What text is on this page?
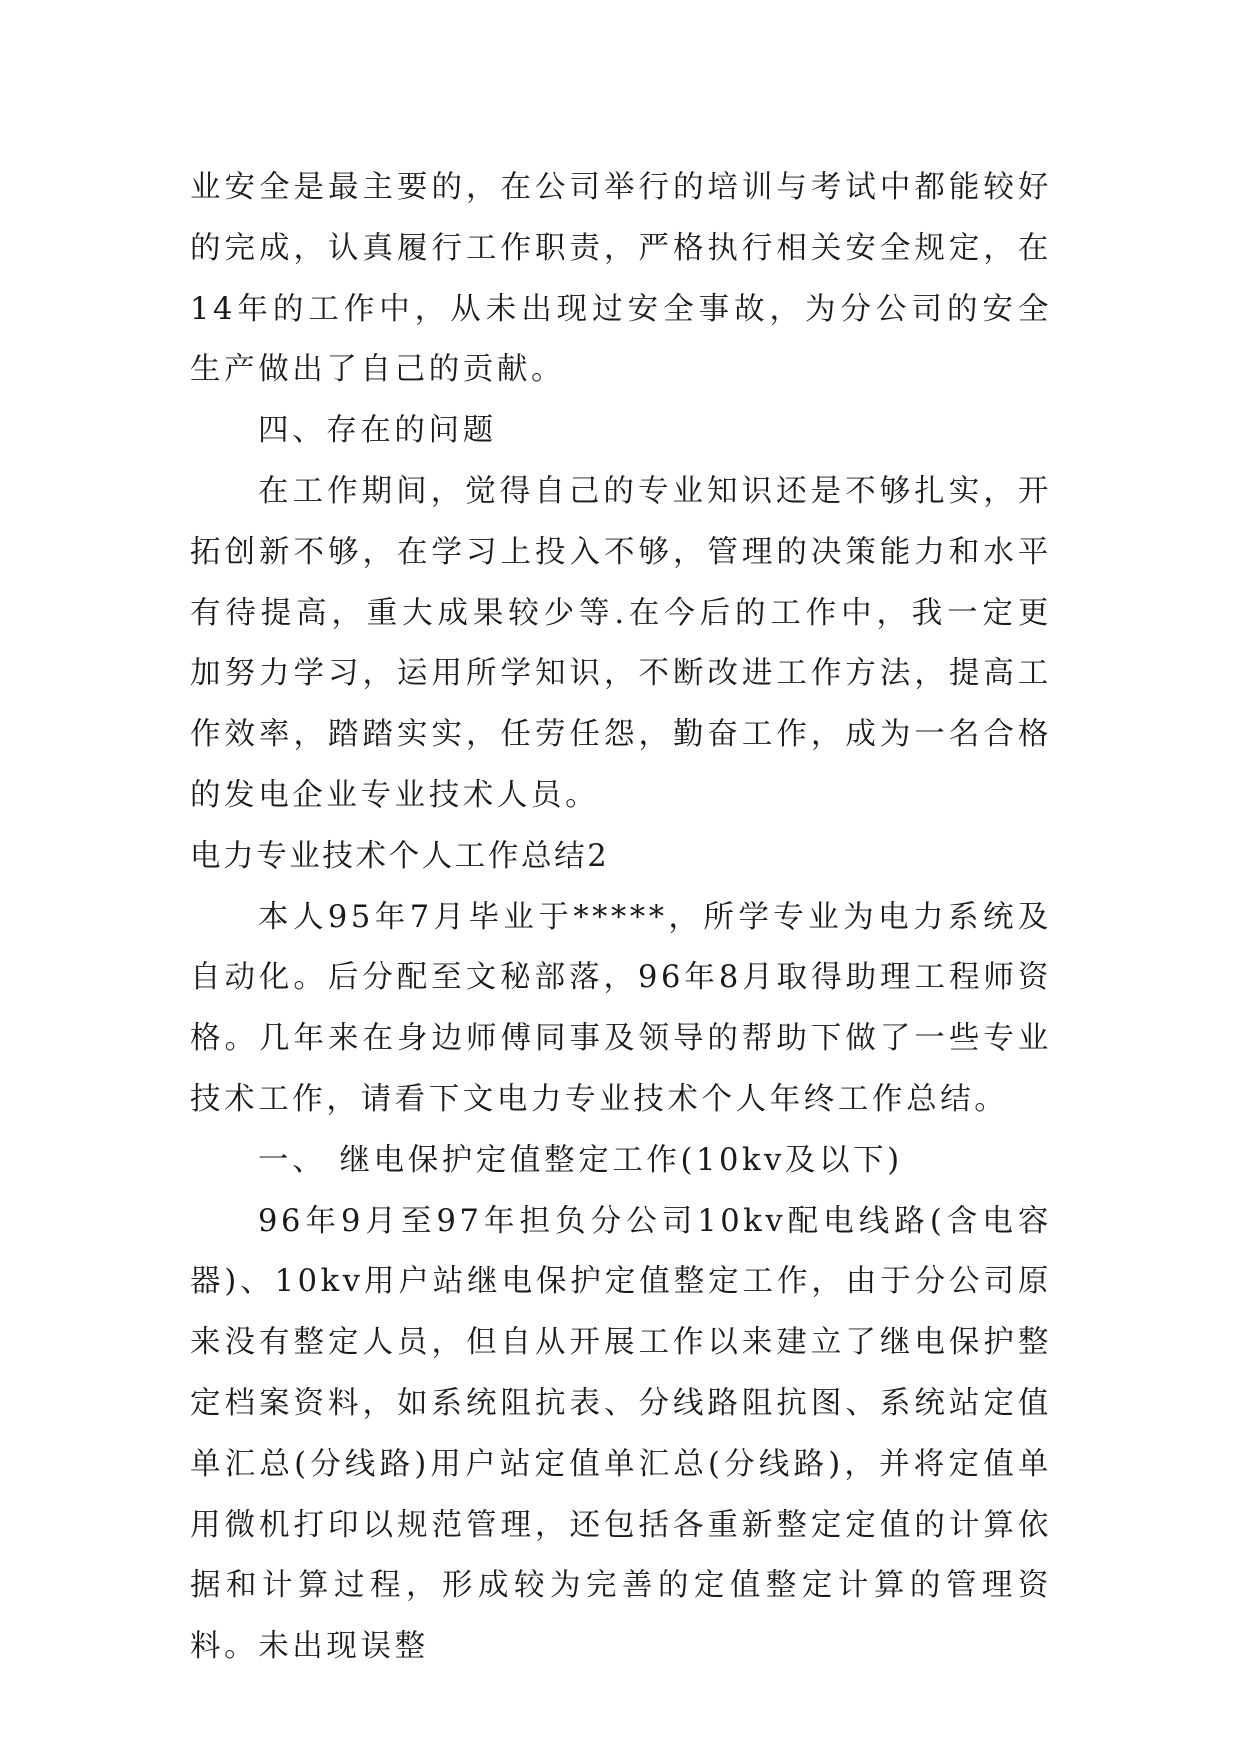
业安全是最主要的，在公司举行的培训与考试中都能较好的完成，认真履行工作职责，严格执行相关安全规定，在14年的工作中，从未出现过安全事故，为分公司的安全生产做出了自己的贡献。

四、存在的问题

在工作期间，觉得自己的专业知识还是不够扎实，开拓创新不够，在学习上投入不够，管理的决策能力和水平有待提高，重大成果较少等.在今后的工作中，我一定更加努力学习，运用所学知识，不断改进工作方法，提高工作效率，踏踏实实，任劳任怨，勤奋工作，成为一名合格的发电企业专业技术人员。

电力专业技术个人工作总结2

本人95年7月毕业于*****，所学专业为电力系统及自动化。后分配至文秘部落，96年8月取得助理工程师资格。几年来在身边师傅同事及领导的帮助下做了一些专业技术工作，请看下文电力专业技术个人年终工作总结。

一、 继电保护定值整定工作(10kv及以下)

96年9月至97年担负分公司10kv配电线路(含电容器)、10kv用户站继电保护定值整定工作，由于分公司原来没有整定人员，但自从开展工作以来建立了继电保护整定档案资料，如系统阻抗表、分线路阻抗图、系统站定值单汇总(分线路)用户站定值单汇总(分线路)，并将定值单用微机打印以规范管理，还包括各重新整定定值的计算依据和计算过程，形成较为完善的定值整定计算的管理资料。未出现误整
